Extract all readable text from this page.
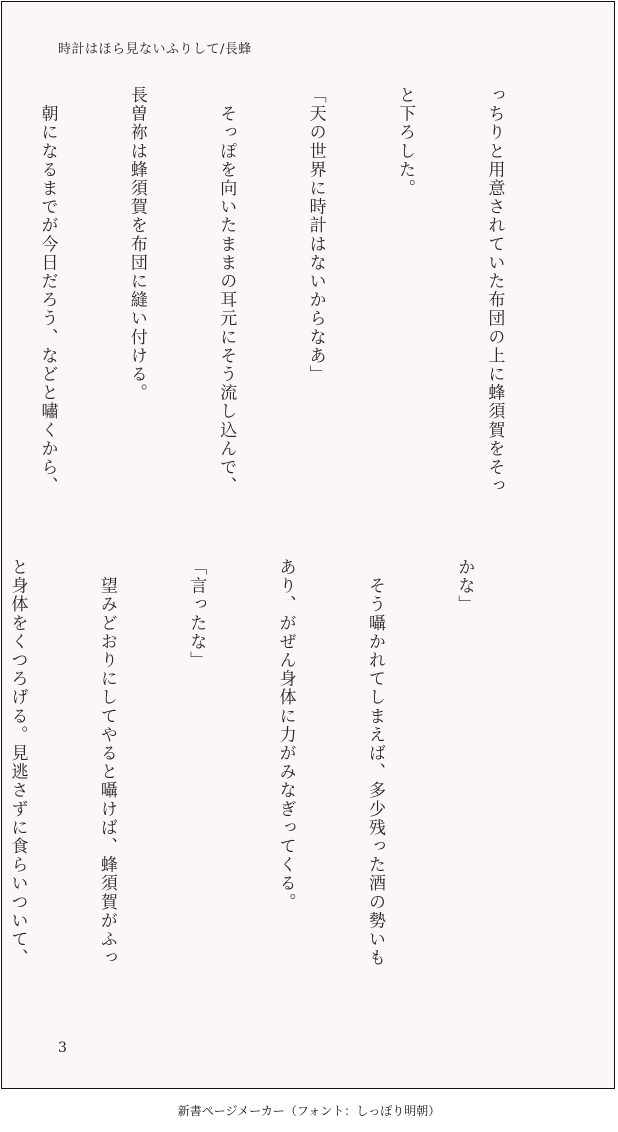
時計はほら見ないふりして/長蜂

っちりと用意されていた布団の上に蜂須賀をそっ

と下ろした。

「天の世界に時計はないからなあ」

　そっぽを向いたままの耳元にそう流し込んで、

長曽祢は蜂須賀を布団に縫い付ける。

　朝になるまでが今日だろう、などと嘯くから、

かな」

　そう囁かれてしまえば、多少残った酒の勢いも

あり、がぜん身体に力がみなぎってくる。

「言ったな」

　望みどおりにしてやると囁けば、蜂須賀がふっ

と身体をくつろげる。見逃さずに食らいついて、

3
新書ページメーカー（フォント：しっぽり明朝）
